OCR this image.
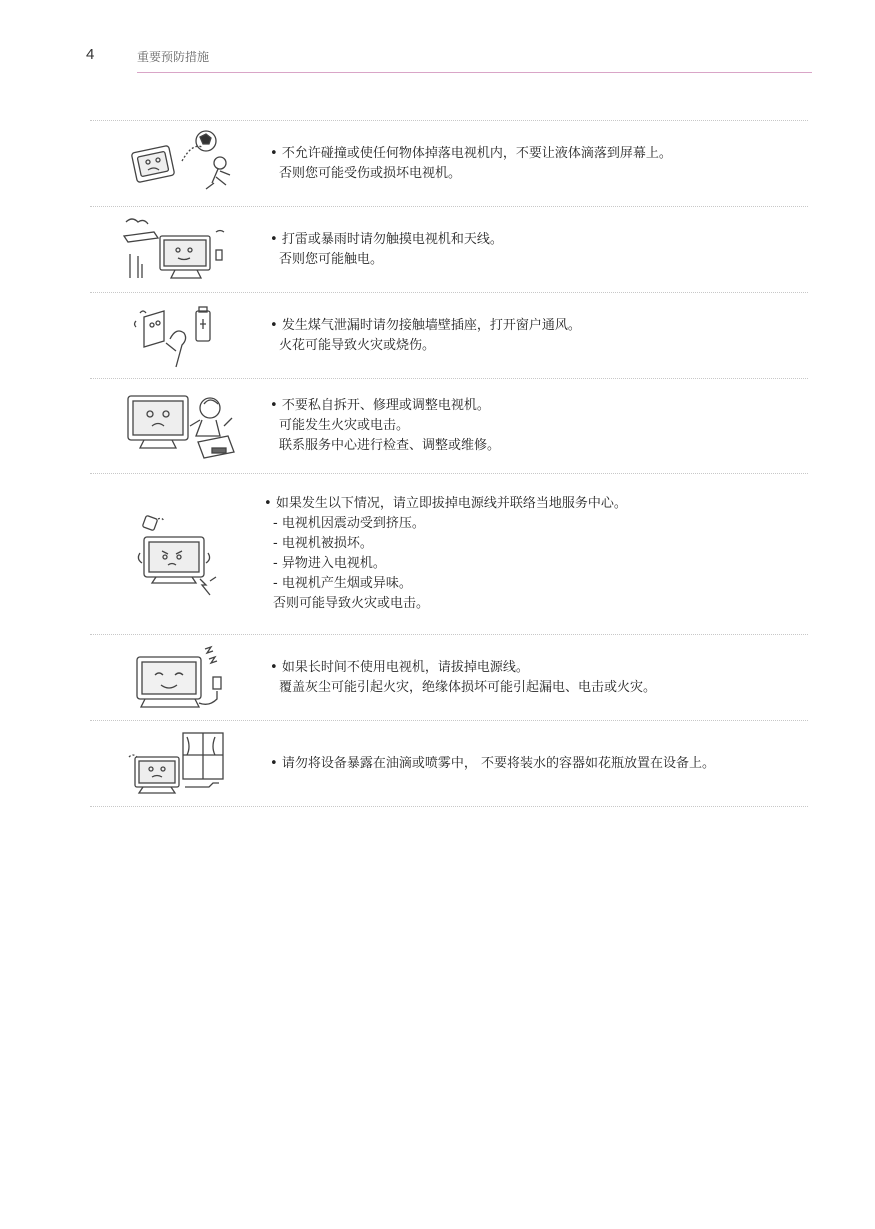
4	重要预防措施
• 不允许碰撞或使任何物体掉落电视机内，不要让液体滴落到屏幕上。
否则您可能受伤或损坏电视机。
• 打雷或暴雨时请勿触摸电视机和天线。
否则您可能触电。
• 发生煤气泄漏时请勿接触墙壁插座，打开窗户通风。
火花可能导致火灾或烧伤。
• 不要私自拆开、修理或调整电视机。
可能发生火灾或电击。
联系服务中心进行检查、调整或维修。
• 如果发生以下情况，请立即拔掉电源线并联络当地服务中心。
- 电视机因震动受到挤压。
- 电视机被损坏。
- 异物进入电视机。
- 电视机产生烟或异味。
否则可能导致火灾或电击。
• 如果长时间不使用电视机，请拔掉电源线。
覆盖灰尘可能引起火灾，绝缘体损坏可能引起漏电、电击或火灾。
• 请勿将设备暴露在油滴或喷雾中， 不要将装水的容器如花瓶放置在设备上。
